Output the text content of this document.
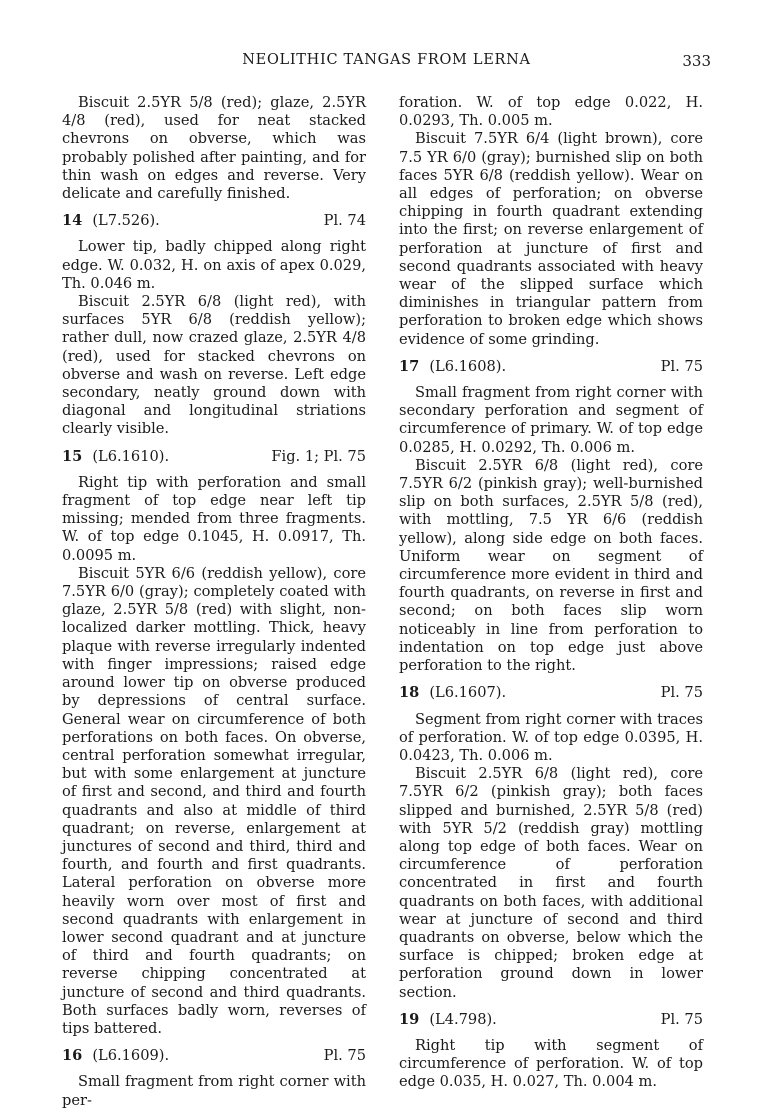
NEOLITHIC TANGAS FROM LERNA	333

Biscuit 2.5YR 5/8 (red); glaze, 2.5YR 4/8 (red), used for neat stacked chevrons on obverse, which was probably polished after painting, and for thin wash on edges and reverse. Very delicate and carefully finished.

14 (L7.526).	Pl. 74

Lower tip, badly chipped along right edge. W. 0.032, H. on axis of apex 0.029, Th. 0.046 m.

Biscuit 2.5YR 6/8 (light red), with surfaces 5YR 6/8 (reddish yellow); rather dull, now crazed glaze, 2.5YR 4/8 (red), used for stacked chevrons on obverse and wash on reverse. Left edge secondary, neatly ground down with diagonal and longitudinal striations clearly visible.

15 (L6.1610).	Fig. 1; Pl. 75

Right tip with perforation and small fragment of top edge near left tip missing; mended from three fragments. W. of top edge 0.1045, H. 0.0917, Th. 0.0095 m.

Biscuit 5YR 6/6 (reddish yellow), core 7.5YR 6/0 (gray); completely coated with glaze, 2.5YR 5/8 (red) with slight, non-localized darker mottling. Thick, heavy plaque with reverse irregularly indented with finger impressions; raised edge around lower tip on obverse produced by depressions of central surface. General wear on circumference of both perforations on both faces. On obverse, central perforation somewhat irregular, but with some enlargement at juncture of first and second, and third and fourth quadrants and also at middle of third quadrant; on reverse, enlargement at junctures of second and third, third and fourth, and fourth and first quadrants. Lateral perforation on obverse more heavily worn over most of first and second quadrants with enlargement in lower second quadrant and at juncture of third and fourth quadrants; on reverse chipping concentrated at juncture of second and third quadrants. Both surfaces badly worn, reverses of tips battered.

16 (L6.1609).	Pl. 75

Small fragment from right corner with per-

foration. W. of top edge 0.022, H. 0.0293, Th. 0.005 m.

Biscuit 7.5YR 6/4 (light brown), core 7.5 YR 6/0 (gray); burnished slip on both faces 5YR 6/8 (reddish yellow). Wear on all edges of perforation; on obverse chipping in fourth quadrant extending into the first; on reverse enlargement of perforation at juncture of first and second quadrants associated with heavy wear of the slipped surface which diminishes in triangular pattern from perforation to broken edge which shows evidence of some grinding.

17 (L6.1608).	Pl. 75

Small fragment from right corner with secondary perforation and segment of circumference of primary. W. of top edge 0.0285, H. 0.0292, Th. 0.006 m.

Biscuit 2.5YR 6/8 (light red), core 7.5YR 6/2 (pinkish gray); well-burnished slip on both surfaces, 2.5YR 5/8 (red), with mottling, 7.5 YR 6/6 (reddish yellow), along side edge on both faces. Uniform wear on segment of circumference more evident in third and fourth quadrants, on reverse in first and second; on both faces slip worn noticeably in line from perforation to indentation on top edge just above perforation to the right.

18 (L6.1607).	Pl. 75

Segment from right corner with traces of perforation. W. of top edge 0.0395, H. 0.0423, Th. 0.006 m.

Biscuit 2.5YR 6/8 (light red), core 7.5YR 6/2 (pinkish gray); both faces slipped and burnished, 2.5YR 5/8 (red) with 5YR 5/2 (reddish gray) mottling along top edge of both faces. Wear on circumference of perforation concentrated in first and fourth quadrants on both faces, with additional wear at juncture of second and third quadrants on obverse, below which the surface is chipped; broken edge at perforation ground down in lower section.

19 (L4.798).	Pl. 75

Right tip with segment of circumference of perforation. W. of top edge 0.035, H. 0.027, Th. 0.004 m.
